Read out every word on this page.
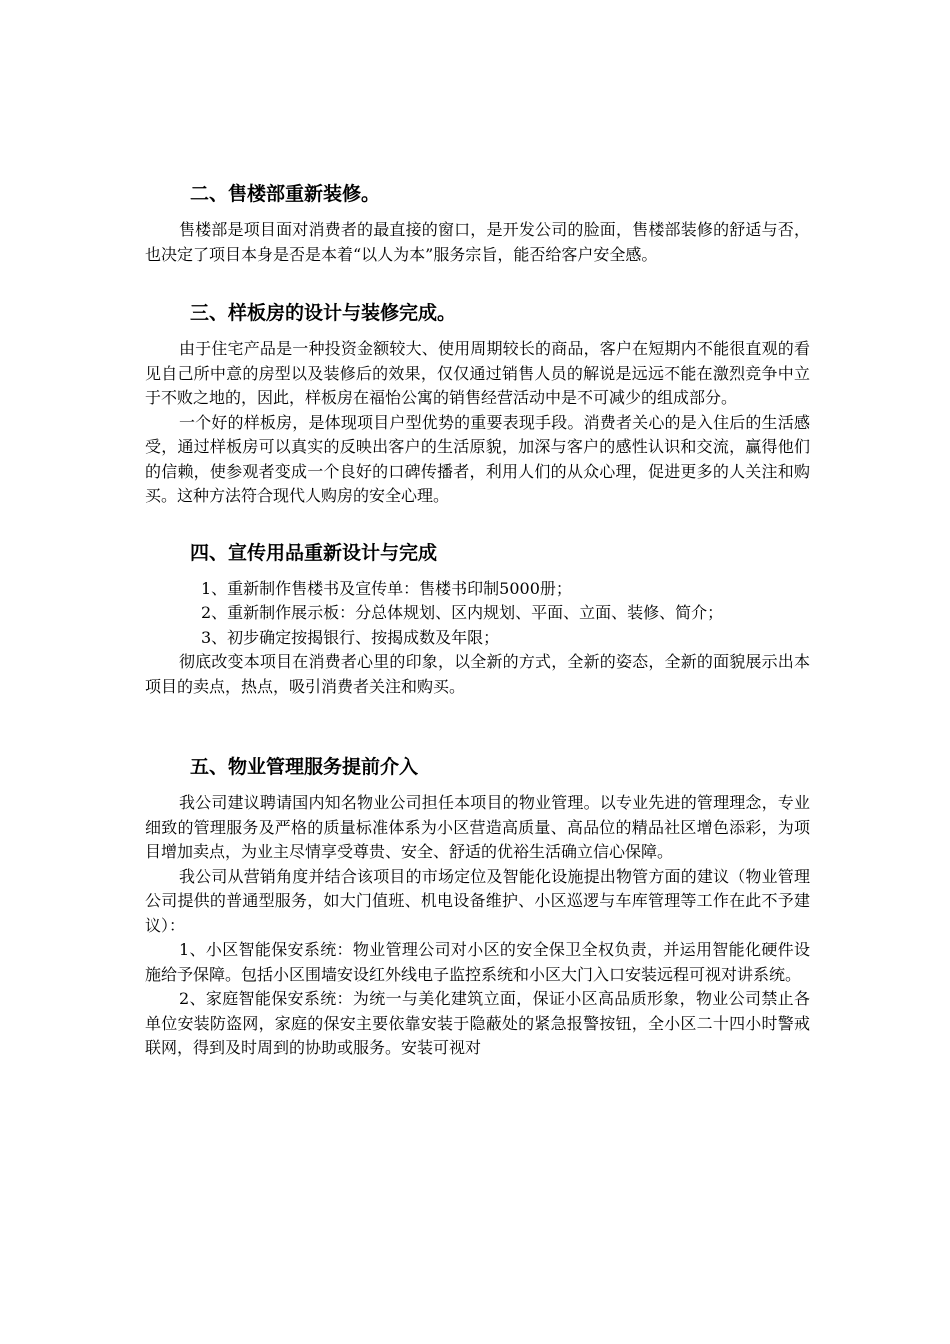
二、售楼部重新装修。

售楼部是项目面对消费者的最直接的窗口，是开发公司的脸面，售楼部装修的舒适与否，也决定了项目本身是否是本着“以人为本”服务宗旨，能否给客户安全感。

三、样板房的设计与装修完成。

由于住宅产品是一种投资金额较大、使用周期较长的商品，客户在短期内不能很直观的看见自己所中意的房型以及装修后的效果，仅仅通过销售人员的解说是远远不能在激烈竞争中立于不败之地的，因此，样板房在福怡公寓的销售经营活动中是不可减少的组成部分。

一个好的样板房，是体现项目户型优势的重要表现手段。消费者关心的是入住后的生活感受，通过样板房可以真实的反映出客户的生活原貌，加深与客户的感性认识和交流，赢得他们的信赖，使参观者变成一个良好的口碑传播者，利用人们的从众心理，促进更多的人关注和购买。这种方法符合现代人购房的安全心理。

四、宣传用品重新设计与完成

1、重新制作售楼书及宣传单：售楼书印制5000册；

2、重新制作展示板：分总体规划、区内规划、平面、立面、装修、简介；

3、初步确定按揭银行、按揭成数及年限；

彻底改变本项目在消费者心里的印象，以全新的方式，全新的姿态，全新的面貌展示出本项目的卖点，热点，吸引消费者关注和购买。

五、物业管理服务提前介入

我公司建议聘请国内知名物业公司担任本项目的物业管理。以专业先进的管理理念，专业细致的管理服务及严格的质量标准体系为小区营造高质量、高品位的精品社区增色添彩，为项目增加卖点，为业主尽情享受尊贵、安全、舒适的优裕生活确立信心保障。

我公司从营销角度并结合该项目的市场定位及智能化设施提出物管方面的建议（物业管理公司提供的普通型服务，如大门值班、机电设备维护、小区巡逻与车库管理等工作在此不予建议）：

1、小区智能保安系统：物业管理公司对小区的安全保卫全权负责，并运用智能化硬件设施给予保障。包括小区围墙安设红外线电子监控系统和小区大门入口安装远程可视对讲系统。

2、家庭智能保安系统：为统一与美化建筑立面，保证小区高品质形象，物业公司禁止各单位安装防盗网，家庭的保安主要依靠安装于隐蔽处的紧急报警按钮，全小区二十四小时警戒联网，得到及时周到的协助或服务。安装可视对
